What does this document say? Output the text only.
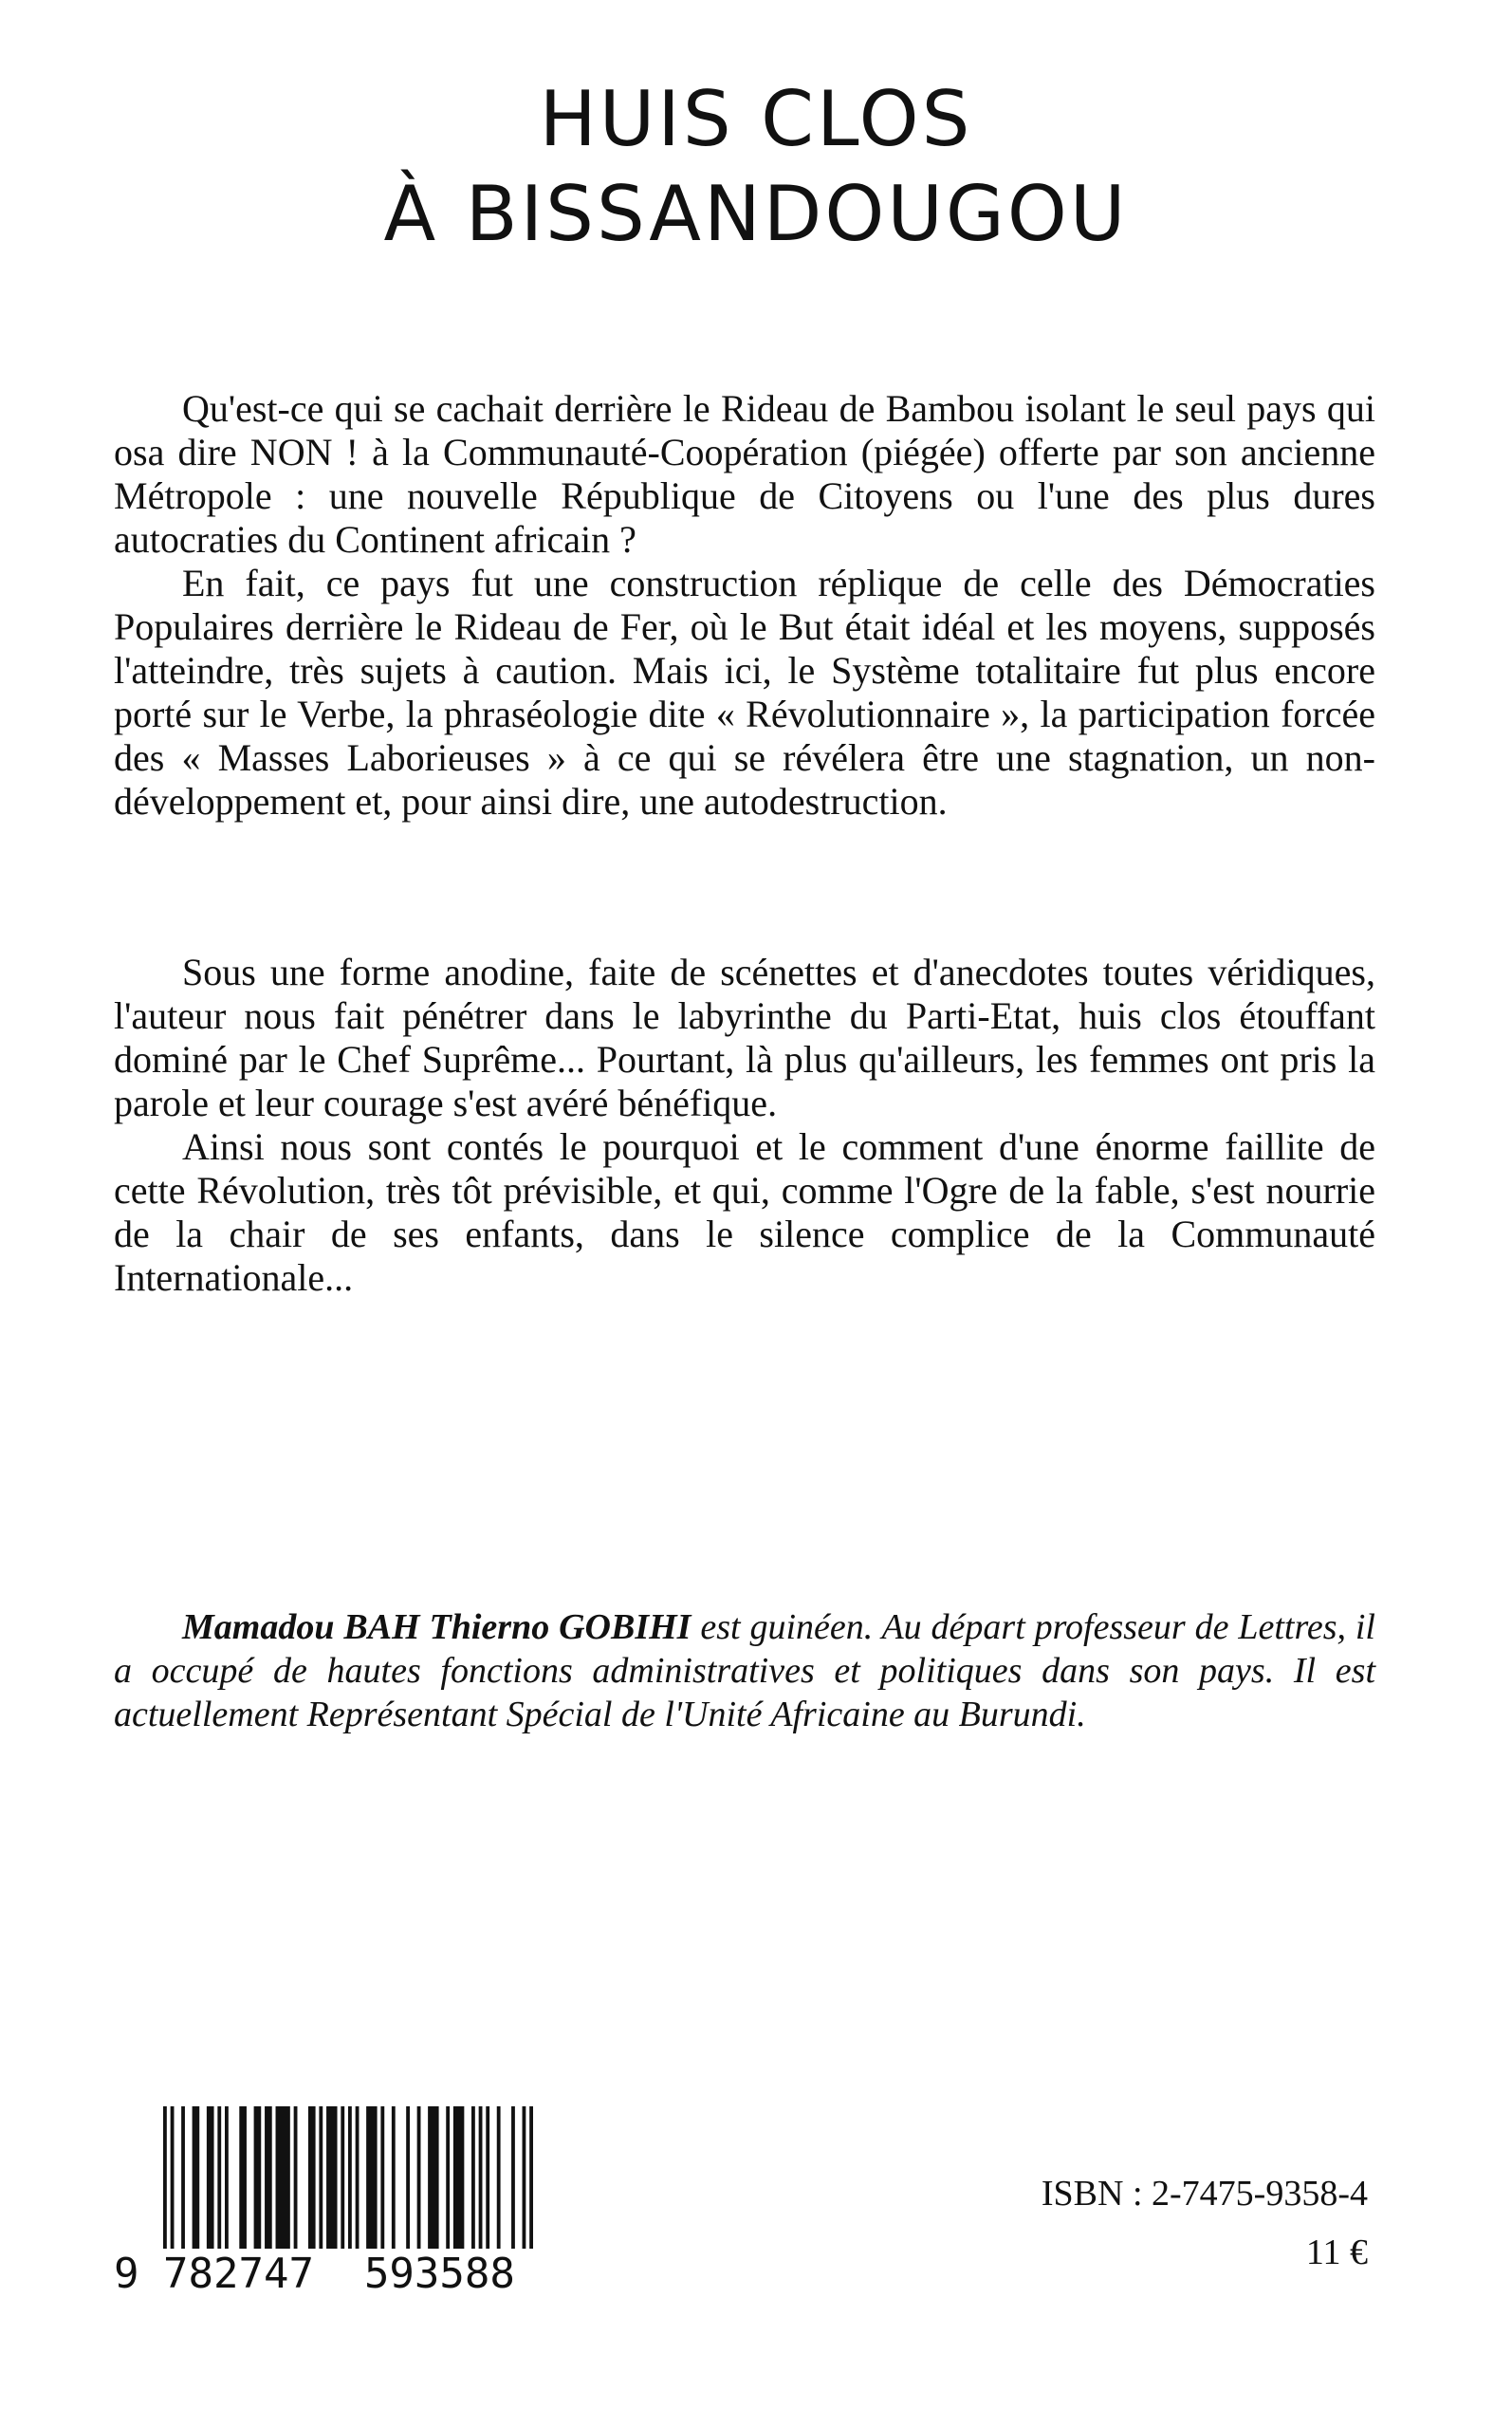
HUIS CLOS
À BISSANDOUGOU

Qu'est-ce qui se cachait derrière le Rideau de Bambou isolant le seul pays qui osa dire NON ! à la Communauté-Coopération (piégée) offerte par son ancienne Métropole : une nouvelle République de Citoyens ou l'une des plus dures autocraties du Continent africain ?

En fait, ce pays fut une construction réplique de celle des Démocraties Populaires derrière le Rideau de Fer, où le But était idéal et les moyens, supposés l'atteindre, très sujets à caution. Mais ici, le Système totalitaire fut plus encore porté sur le Verbe, la phraséologie dite « Révolutionnaire », la participation forcée des « Masses Laborieuses » à ce qui se révélera être une stagnation, un non-développement et, pour ainsi dire, une autodestruction.

Sous une forme anodine, faite de scénettes et d'anecdotes toutes véridiques, l'auteur nous fait pénétrer dans le labyrinthe du Parti-Etat, huis clos étouffant dominé par le Chef Suprême... Pourtant, là plus qu'ailleurs, les femmes ont pris la parole et leur courage s'est avéré bénéfique.

Ainsi nous sont contés le pourquoi et le comment d'une énorme faillite de cette Révolution, très tôt prévisible, et qui, comme l'Ogre de la fable, s'est nourrie de la chair de ses enfants, dans le silence complice de la Communauté Internationale...

Mamadou BAH Thierno GOBIHI est guinéen. Au départ professeur de Lettres, il a occupé de hautes fonctions administratives et politiques dans son pays. Il est actuellement Représentant Spécial de l'Unité Africaine au Burundi.
9 782747 593588
ISBN : 2-7475-9358-4
11 €
